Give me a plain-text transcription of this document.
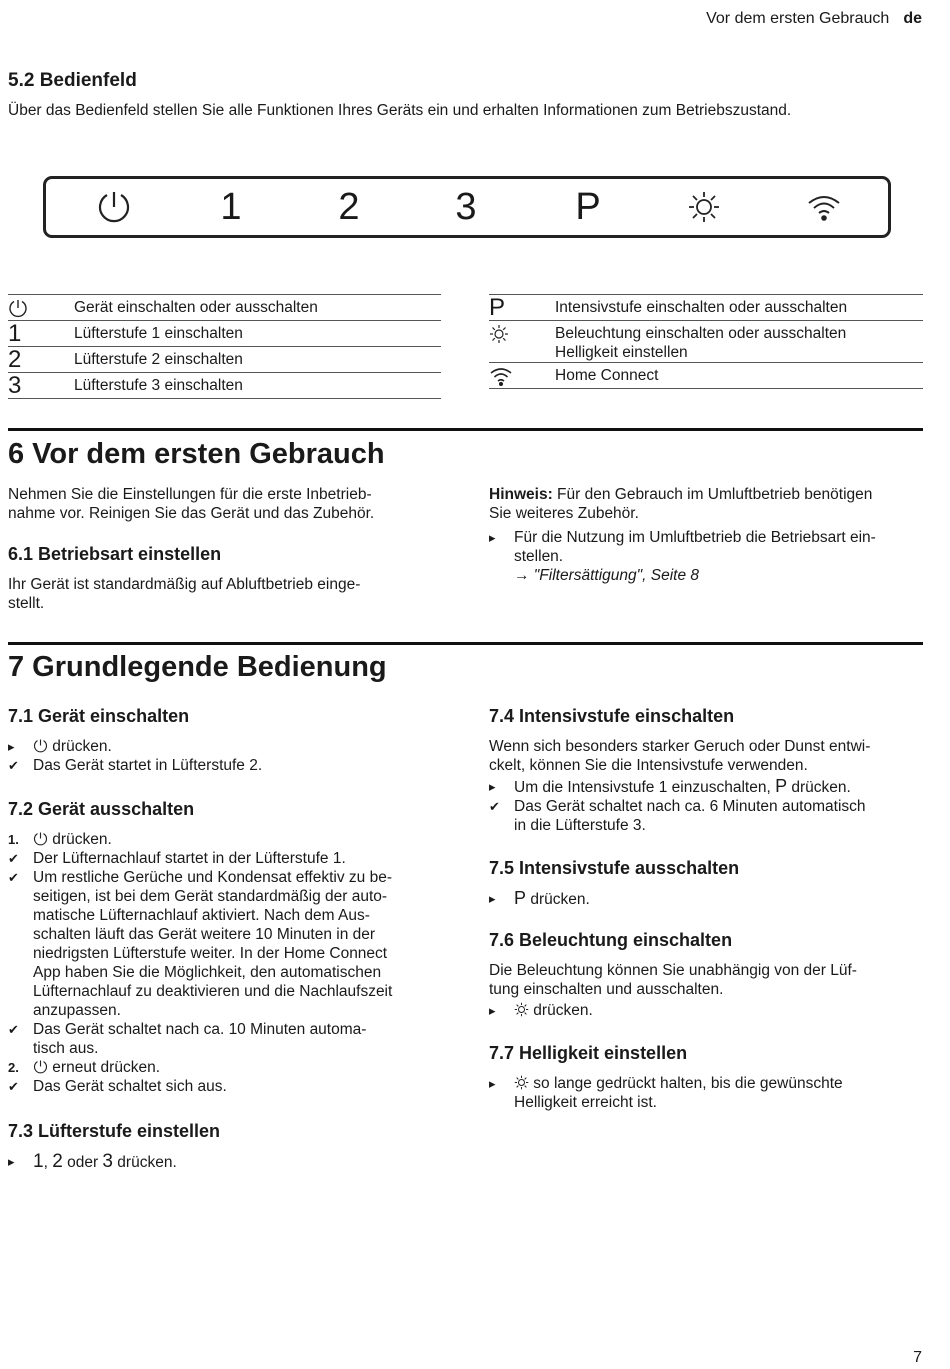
Vor dem ersten Gebrauch de
5.2 Bedienfeld
Über das Bedienfeld stellen Sie alle Funktionen Ihres Geräts ein und erhalten Informationen zum Betriebszustand.
1	2	3	P
Gerät einschalten oder ausschalten
1	Lüfterstufe 1 einschalten
2	Lüfterstufe 2 einschalten
3	Lüfterstufe 3 einschalten
P	Intensivstufe einschalten oder ausschalten
Beleuchtung einschalten oder ausschalten
Helligkeit einstellen
Home Connect
6 Vor dem ersten Gebrauch
Nehmen Sie die Einstellungen für die erste Inbetrieb-
nahme vor. Reinigen Sie das Gerät und das Zubehör.
6.1 Betriebsart einstellen
Ihr Gerät ist standardmäßig auf Abluftbetrieb einge-
stellt.
Hinweis: Für den Gebrauch im Umluftbetrieb benötigen
Sie weiteres Zubehör.
▸ Für die Nutzung im Umluftbetrieb die Betriebsart ein-
stellen.
→ "Filtersättigung", Seite 8
7 Grundlegende Bedienung
7.1 Gerät einschalten
▸ drücken.
✔ Das Gerät startet in Lüfterstufe 2.
7.2 Gerät ausschalten
1. drücken.
✔ Der Lüfternachlauf startet in der Lüfterstufe 1.
✔ Um restliche Gerüche und Kondensat effektiv zu be-
seitigen, ist bei dem Gerät standardmäßig der auto-
matische Lüfternachlauf aktiviert. Nach dem Aus-
schalten läuft das Gerät weitere 10 Minuten in der
niedrigsten Lüfterstufe weiter. In der Home Connect
App haben Sie die Möglichkeit, den automatischen
Lüfternachlauf zu deaktivieren und die Nachlaufszeit
anzupassen.
✔ Das Gerät schaltet nach ca. 10 Minuten automa-
tisch aus.
2. erneut drücken.
✔ Das Gerät schaltet sich aus.
7.3 Lüfterstufe einstellen
▸ 1, 2 oder 3 drücken.
7.4 Intensivstufe einschalten
Wenn sich besonders starker Geruch oder Dunst entwi-
ckelt, können Sie die Intensivstufe verwenden.
▸ Um die Intensivstufe 1 einzuschalten, P drücken.
✔ Das Gerät schaltet nach ca. 6 Minuten automatisch
in die Lüfterstufe 3.
7.5 Intensivstufe ausschalten
▸ P drücken.
7.6 Beleuchtung einschalten
Die Beleuchtung können Sie unabhängig von der Lüf-
tung einschalten und ausschalten.
▸ drücken.
7.7 Helligkeit einstellen
▸ so lange gedrückt halten, bis die gewünschte
Helligkeit erreicht ist.
7
